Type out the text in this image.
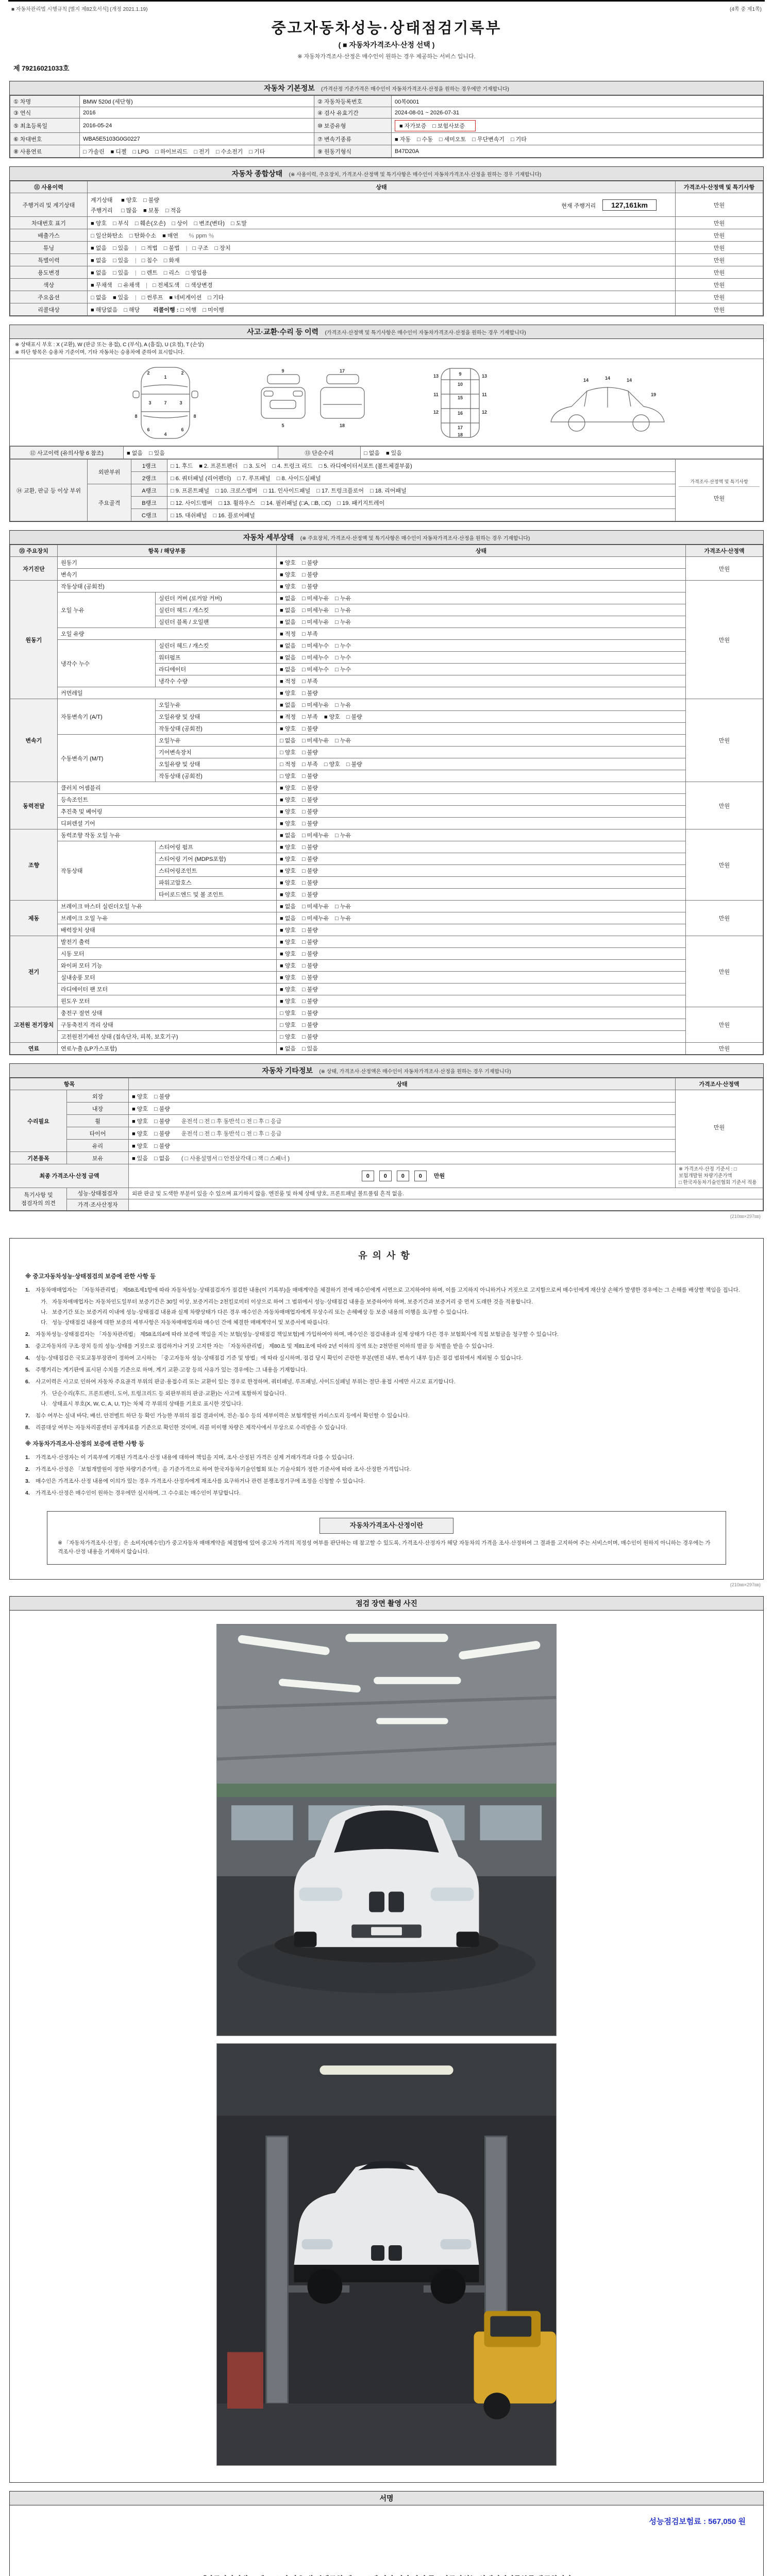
■ 자동차관리법 시행규칙 [별지 제82호서식] (개정 2021.1.19)	(4쪽 중 제1쪽)
중고자동차성능·상태점검기록부
( ■ 자동차가격조사·산정 선택 )
※ 자동차가격조사·산정은 매수인이 원하는 경우 제공하는 서비스 입니다.
제 79216021033호
자동차 기본정보 (가격산정 기준가격은 매수인이 자동차가격조사·산정을 원하는 경우에만 기재합니다)
① 차명	BMW 520d (세단형)	② 자동차등록번호	00복0001
③ 연식	2016	④ 검사 유효기간	2024-08-01 ~ 2026-07-31
⑤ 최초등록일	2016-05-24	⑩ 보증유형	■ 자가보증 □ 보험사보증
⑥ 차대번호	WBA5E5103G0G0227	⑦ 변속기종류	■ 자동 □ 수동 □ 세미오토 □ 무단변속기 □ 기타
⑧ 사용연료	□ 가솔린 ■ 디젤 □ LPG □ 하이브리드 □ 전기 □ 수소전기 □ 기타	⑨ 원동기형식	B47D20A
자동차 종합상태 (※ 사용이력, 주요장치, 가격조사·산정액 및 특기사항은 매수인이 자동차가격조사·산정을 원하는 경우 기재합니다)
⑪ 사용이력	상태	가격조사·산정액 및 특기사항
주행거리 및 계기상태	계기상태 ■ 양호 □ 불량
주행거리 □ 많음 ■ 보통 □ 적음
현재 주행거리 127,161km	만원
차대번호 표기	■ 양호 □ 부식 □ 훼손(오손) □ 상이 □ 변조(변타) □ 도말	만원
배출가스	□ 일산화탄소 □ 탄화수소 ■ 매연 ％ ppm ％	만원
튜닝	■ 없음 □ 있음 | □ 적법 □ 불법 | □ 구조 □ 장치	만원
특별이력	■ 없음 □ 있음 | □ 침수 □ 화재	만원
용도변경	■ 없음 □ 있음 | □ 렌트 □ 리스 □ 영업용	만원
색상	■ 무채색 □ 유채색 | □ 전체도색 □ 색상변경	만원
주요옵션	□ 없음 ■ 있음 | □ 썬루프 ■ 네비게이션 □ 기타	만원
리콜대상	■ 해당없음 □ 해당 리콜이행 : □ 이행 □ 미이행	만원
사고·교환·수리 등 이력 (가격조사·산정액 및 특기사항은 매수인이 자동차가격조사·산정을 원하는 경우 기재합니다)
※ 상태표시 부호 : X (교환), W (판금 또는 용접), C (부식), A (흠집), U (요철), T (손상)
※ 하단 항목은 승용차 기준이며, 기타 자동차는 승용차에 준하여 표시합니다.
1
2	2
3	3
7
6	6
4
8	8
9
5
17
18
9
10
13	13
11	11
15
12	12
16
17
18
14	14	14
19
⑫ 사고이력 (유의사항 6 참조)	■ 없음 □ 있음	⑬ 단순수리	□ 없음 ■ 있음
⑭ 교환, 판금 등 이상 부위	외판부위	1랭크	□ 1. 후드 ■ 2. 프론트펜더 □ 3. 도어 □ 4. 트렁크 리드 □ 5. 라디에이터서포트 (볼트체결부품)	가격조사·산정액 및 특기사항
만원

		2랭크	□ 6. 쿼터패널 (리어펜더) □ 7. 루프패널 □ 8. 사이드실패널	
	주요골격	A랭크	□ 9. 프론트패널 □ 10. 크로스멤버 □ 11. 인사이드패널 □ 17. 트렁크플로어 □ 18. 리어패널	
		B랭크	□ 12. 사이드멤버 □ 13. 휠하우스 □ 14. 필러패널 (□A, □B, □C) □ 19. 패키지트레이	
		C랭크	□ 15. 대쉬패널 □ 16. 플로어패널	
자동차 세부상태 (※ 주요장치, 가격조사·산정액 및 특기사항은 매수인이 자동차가격조사·산정을 원하는 경우 기재합니다)
⑮ 주요장치	항목 / 해당부품		상태	가격조사·산정액
자기진단	원동기		■ 양호 □ 불량	만원
	변속기		■ 양호 □ 불량	
원동기	작동상태 (공회전)		■ 양호 □ 불량	만원
	오일 누유	실린더 커버 (로커암 커버)	■ 없음 □ 미세누유 □ 누유	
		실린더 헤드 / 개스킷	■ 없음 □ 미세누유 □ 누유	
		실린더 블록 / 오일팬	■ 없음 □ 미세누유 □ 누유	
	오일 유량		■ 적정 □ 부족	
	냉각수 누수	실린더 헤드 / 개스킷	■ 없음 □ 미세누수 □ 누수	
		워터펌프	■ 없음 □ 미세누수 □ 누수	
		라디에이터	■ 없음 □ 미세누수 □ 누수	
		냉각수 수량	■ 적정 □ 부족	
	커먼레일		■ 양호 □ 불량	
변속기	자동변속기 (A/T)	오일누유	■ 없음 □ 미세누유 □ 누유	만원
		오일유량 및 상태	■ 적정 □ 부족 ■ 양호 □ 불량	
		작동상태 (공회전)	■ 양호 □ 불량	
	수동변속기 (M/T)	오일누유	□ 없음 □ 미세누유 □ 누유	
		기어변속장치	□ 양호 □ 불량	
		오일유량 및 상태	□ 적정 □ 부족 □ 양호 □ 불량	
		작동상태 (공회전)	□ 양호 □ 불량	
동력전달	클러치 어셈블리		■ 양호 □ 불량	만원
	등속조인트		■ 양호 □ 불량	
	추진축 및 베어링		■ 양호 □ 불량	
	디퍼렌셜 기어		■ 양호 □ 불량	
조향	동력조향 작동 오일 누유		■ 없음 □ 미세누유 □ 누유	만원
	작동상태	스티어링 펌프	■ 양호 □ 불량	
		스티어링 기어 (MDPS포함)	■ 양호 □ 불량	
		스티어링조인트	■ 양호 □ 불량	
		파워고압호스	■ 양호 □ 불량	
		타이로드엔드 및 볼 조인트	■ 양호 □ 불량	
제동	브레이크 마스터 실린더오일 누유		■ 없음 □ 미세누유 □ 누유	만원
	브레이크 오일 누유		■ 없음 □ 미세누유 □ 누유	
	배력장치 상태		■ 양호 □ 불량	
전기	발전기 출력		■ 양호 □ 불량	만원
	시동 모터		■ 양호 □ 불량	
	와이퍼 모터 기능		■ 양호 □ 불량	
	실내송풍 모터		■ 양호 □ 불량	
	라디에이터 팬 모터		■ 양호 □ 불량	
	윈도우 모터		■ 양호 □ 불량	
고전원 전기장치	충전구 절연 상태		□ 양호 □ 불량	만원
	구동축전지 격리 상태		□ 양호 □ 불량	
	고전원전기배선 상태 (접속단자, 피복, 보호기구)		□ 양호 □ 불량	
연료	연료누출 (LP가스포함)		■ 없음 □ 있음	만원
자동차 기타정보 (※ 상태, 가격조사·산정액은 매수인이 자동차가격조사·산정을 원하는 경우 기재합니다)
항목		상태	가격조사·산정액
수리필요	외장	■ 양호 □ 불량	만원
	내장	■ 양호 □ 불량	
	휠	■ 양호 □ 불량 운전석 □ 전 □ 후 동반석 □ 전 □ 후 □ 응급	
	타이어	■ 양호 □ 불량 운전석 □ 전 □ 후 동반석 □ 전 □ 후 □ 응급	
	유리	■ 양호 □ 불량	
기본품목	보유	■ 있음 □ 없음 ( □ 사용설명서 □ 안전삼각대 □ 잭 □ 스패너 )	
최종 가격조사·산정 금액		0 0 0 0 만원	※ 가격조사·산정 기준서 : □ 보험개발원 차량기준가액
□ 한국자동차기술인협회 기준서 적용

특기사항 및 점검자의 의견	성능·상태점검자	외판 판금 및 도색한 부분이 있을 수 있으며 표기하지 않음. 엔진룸 및 하체 상태 양호, 프론트패널 볼트풀림 흔적 없음.	
	가격·조사산정자		
(210㎜×297㎜)
유의사항
※ 중고자동차성능·상태점검의 보증에 관한 사항 등
1.	자동차매매업자는 「자동차관리법」 제58조제1항에 따라 자동차성능·상태점검자가 점검한 내용(이 기록부)을 매매계약을 체결하기 전에 매수인에게 서면으로 고지하여야 하며, 이를 고지하지 아니하거나 거짓으로 고지함으로써 매수인에게 재산상 손해가 발생한 경우에는 그 손해를 배상할 책임을 집니다.
가. 자동차매매업자는 자동차인도일부터 보증기간은 30일 이상, 보증거리는 2천킬로미터 이상으로 하여 그 범위에서 성능·상태점검 내용을 보증하여야 하며, 보증기간과 보증거리 중 먼저 도래한 것을 적용합니다.
나. 보증기간 또는 보증거리 이내에 성능·상태점검 내용과 실제 차량상태가 다른 경우 매수인은 자동차매매업자에게 무상수리 또는 손해배상 등 보증 내용의 이행을 요구할 수 있습니다.
다. 성능·상태점검 내용에 대한 보증의 세부사항은 자동차매매업자와 매수인 간에 체결한 매매계약서 및 보증서에 따릅니다.
2.	자동차성능·상태점검자는 「자동차관리법」 제58조의4에 따라 보증에 책임을 지는 보험(성능·상태점검 책임보험)에 가입하여야 하며, 매수인은 점검내용과 실제 상태가 다른 경우 보험회사에 직접 보험금을 청구할 수 있습니다.
3.	중고자동차의 구조·장치 등의 성능·상태를 거짓으로 점검하거나 거짓 고지한 자는 「자동차관리법」 제80조 및 제81조에 따라 2년 이하의 징역 또는 2천만원 이하의 벌금 등 처벌을 받을 수 있습니다.
4.	성능·상태점검은 국토교통부장관이 정하여 고시하는 「중고자동차 성능·상태점검 기준 및 방법」에 따라 실시하며, 점검 당시 확인이 곤란한 부분(엔진 내부, 변속기 내부 등)은 점검 범위에서 제외될 수 있습니다.
5.	주행거리는 계기판에 표시된 수치를 기준으로 하며, 계기 교환·고장 등의 사유가 있는 경우에는 그 내용을 기재합니다.
6.	사고이력은 사고로 인하여 자동차 주요골격 부위의 판금·용접수리 또는 교환이 있는 경우로 한정하며, 쿼터패널, 루프패널, 사이드실패널 부위는 절단·용접 시에만 사고로 표기합니다.
가. 단순수리(후드, 프론트펜더, 도어, 트렁크리드 등 외판부위의 판금·교환)는 사고에 포함하지 않습니다.
나. 상태표시 부호(X, W, C, A, U, T)는 차체 각 부위의 상태를 기호로 표시한 것입니다.
7.	침수 여부는 실내 바닥, 배선, 안전벨트 하단 등 확인 가능한 부위의 점검 결과이며, 전손·침수 등의 세부이력은 보험개발원 카히스토리 등에서 확인할 수 있습니다.
8.	리콜대상 여부는 자동차리콜센터 공개자료를 기준으로 확인한 것이며, 리콜 미이행 차량은 제작사에서 무상으로 수리받을 수 있습니다.
※ 자동차가격조사·산정의 보증에 관한 사항 등
1.	가격조사·산정자는 이 기록부에 기재된 가격조사·산정 내용에 대하여 책임을 지며, 조사·산정된 가격은 실제 거래가격과 다를 수 있습니다.
2.	가격조사·산정은 「보험개발원이 정한 차량기준가액」을 기준가격으로 하여 한국자동차기술인협회 또는 기술사회가 정한 기준서에 따라 조사·산정한 가격입니다.
3.	매수인은 가격조사·산정 내용에 이의가 있는 경우 가격조사·산정자에게 재조사를 요구하거나 관련 분쟁조정기구에 조정을 신청할 수 있습니다.
4.	가격조사·산정은 매수인이 원하는 경우에만 실시하며, 그 수수료는 매수인이 부담합니다.
자동차가격조사·산정이란
※ 「자동차가격조사·산정」은 소비자(매수인)가 중고자동차 매매계약을 체결함에 있어 중고차 가격의 적정성 여부를 판단하는 데 참고할 수 있도록, 가격조사·산정자가 해당 자동차의 가격을 조사·산정하여 그 결과를 고지하여 주는 서비스이며, 매수인이 원하지 아니하는 경우에는 가격조사·산정 내용을 기재하지 않습니다.
(210㎜×297㎜)
점검 장면 촬영 사진
서명
성능점검보험료 : 567,050 원
